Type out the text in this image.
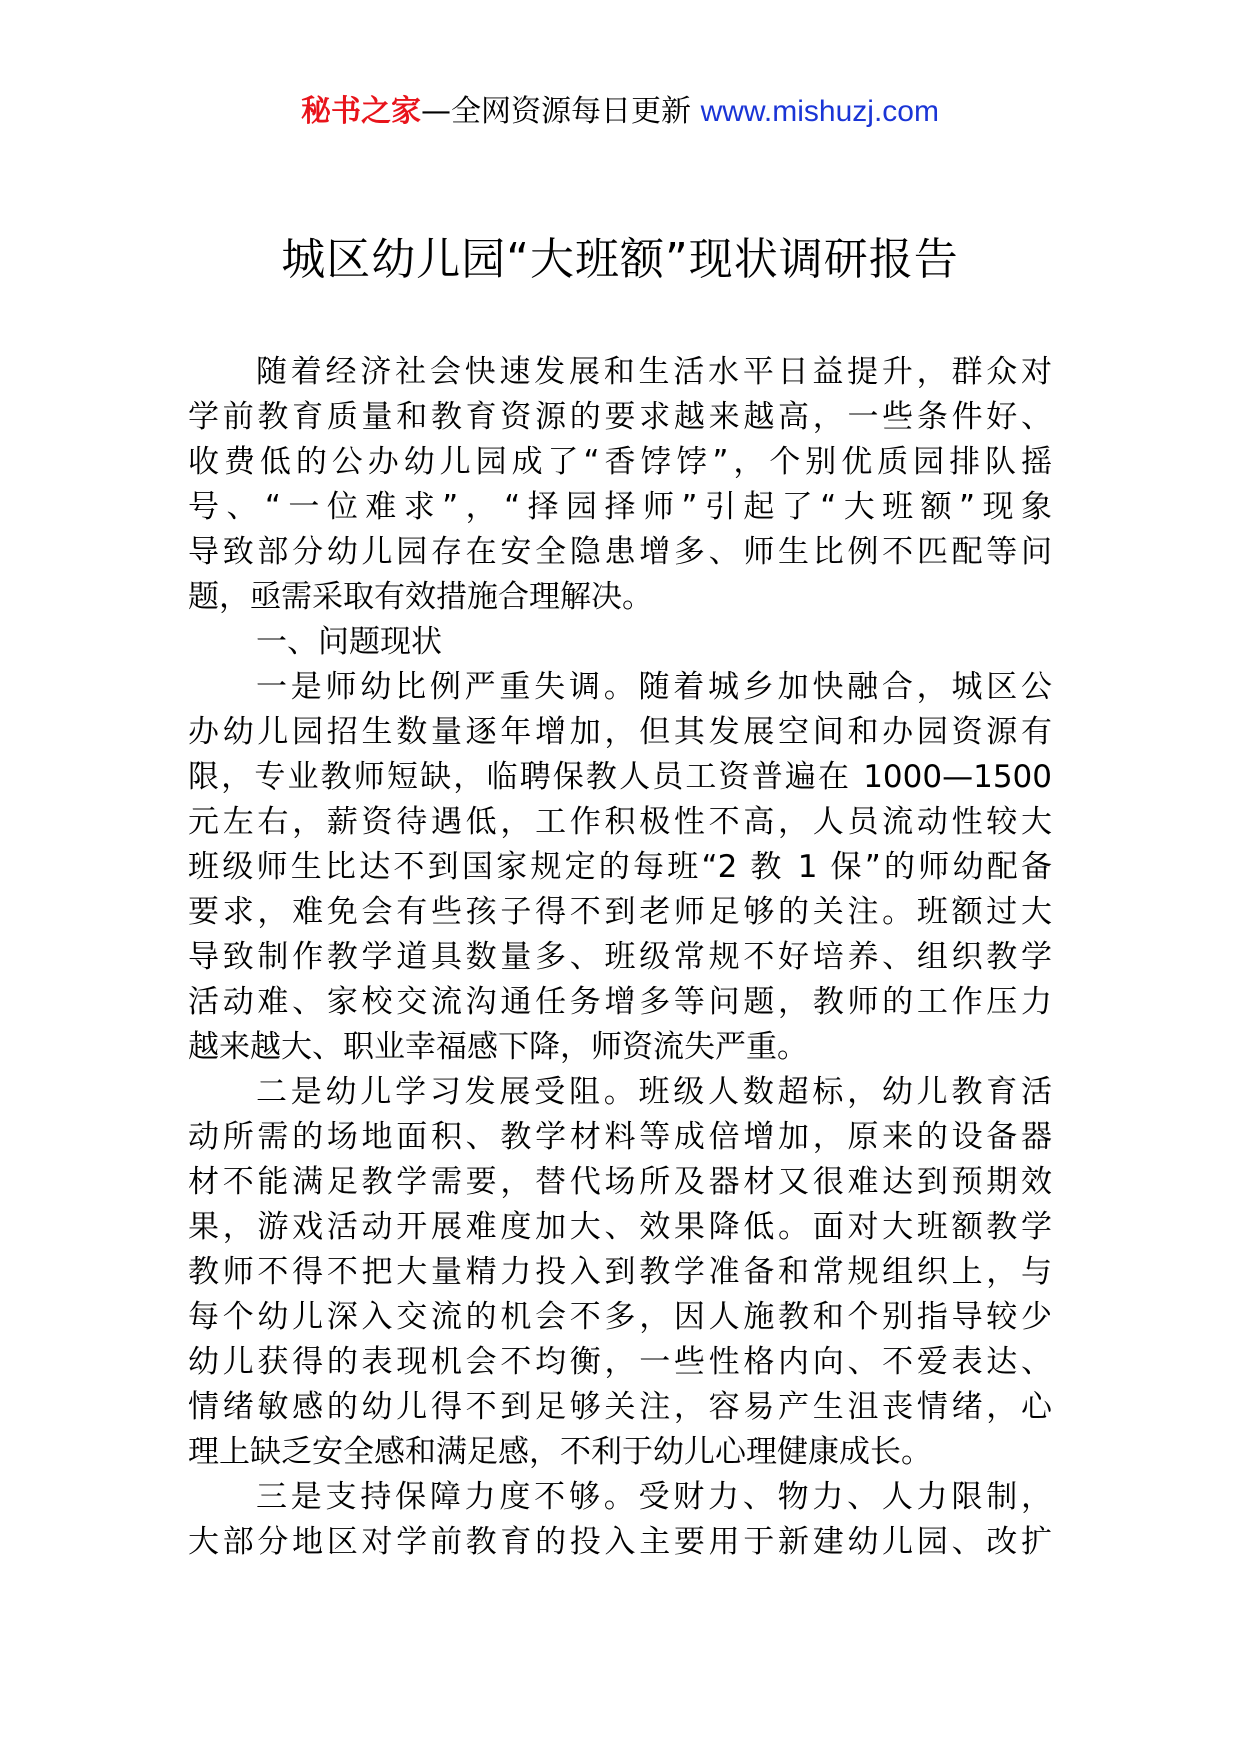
秘书之家—全网资源每日更新 www.mishuzj.com
城区幼儿园“大班额”现状调研报告
随着经济社会快速发展和生活水平日益提升，群众对
学前教育质量和教育资源的要求越来越高，一些条件好、
收费低的公办幼儿园成了“香饽饽”，个别优质园排队摇
号、“一位难求”，“择园择师”引起了“大班额”现象
导致部分幼儿园存在安全隐患增多、师生比例不匹配等问
题，亟需采取有效措施合理解决。
一、问题现状
一是师幼比例严重失调。随着城乡加快融合，城区公
办幼儿园招生数量逐年增加，但其发展空间和办园资源有
限，专业教师短缺，临聘保教人员工资普遍在 1000—1500
元左右，薪资待遇低，工作积极性不高，人员流动性较大
班级师生比达不到国家规定的每班“2 教 1 保”的师幼配备
要求，难免会有些孩子得不到老师足够的关注。班额过大
导致制作教学道具数量多、班级常规不好培养、组织教学
活动难、家校交流沟通任务增多等问题，教师的工作压力
越来越大、职业幸福感下降，师资流失严重。
二是幼儿学习发展受阻。班级人数超标，幼儿教育活
动所需的场地面积、教学材料等成倍增加，原来的设备器
材不能满足教学需要，替代场所及器材又很难达到预期效
果，游戏活动开展难度加大、效果降低。面对大班额教学
教师不得不把大量精力投入到教学准备和常规组织上，与
每个幼儿深入交流的机会不多，因人施教和个别指导较少
幼儿获得的表现机会不均衡，一些性格内向、不爱表达、
情绪敏感的幼儿得不到足够关注，容易产生沮丧情绪，心
理上缺乏安全感和满足感，不利于幼儿心理健康成长。
三是支持保障力度不够。受财力、物力、人力限制，
大部分地区对学前教育的投入主要用于新建幼儿园、改扩
